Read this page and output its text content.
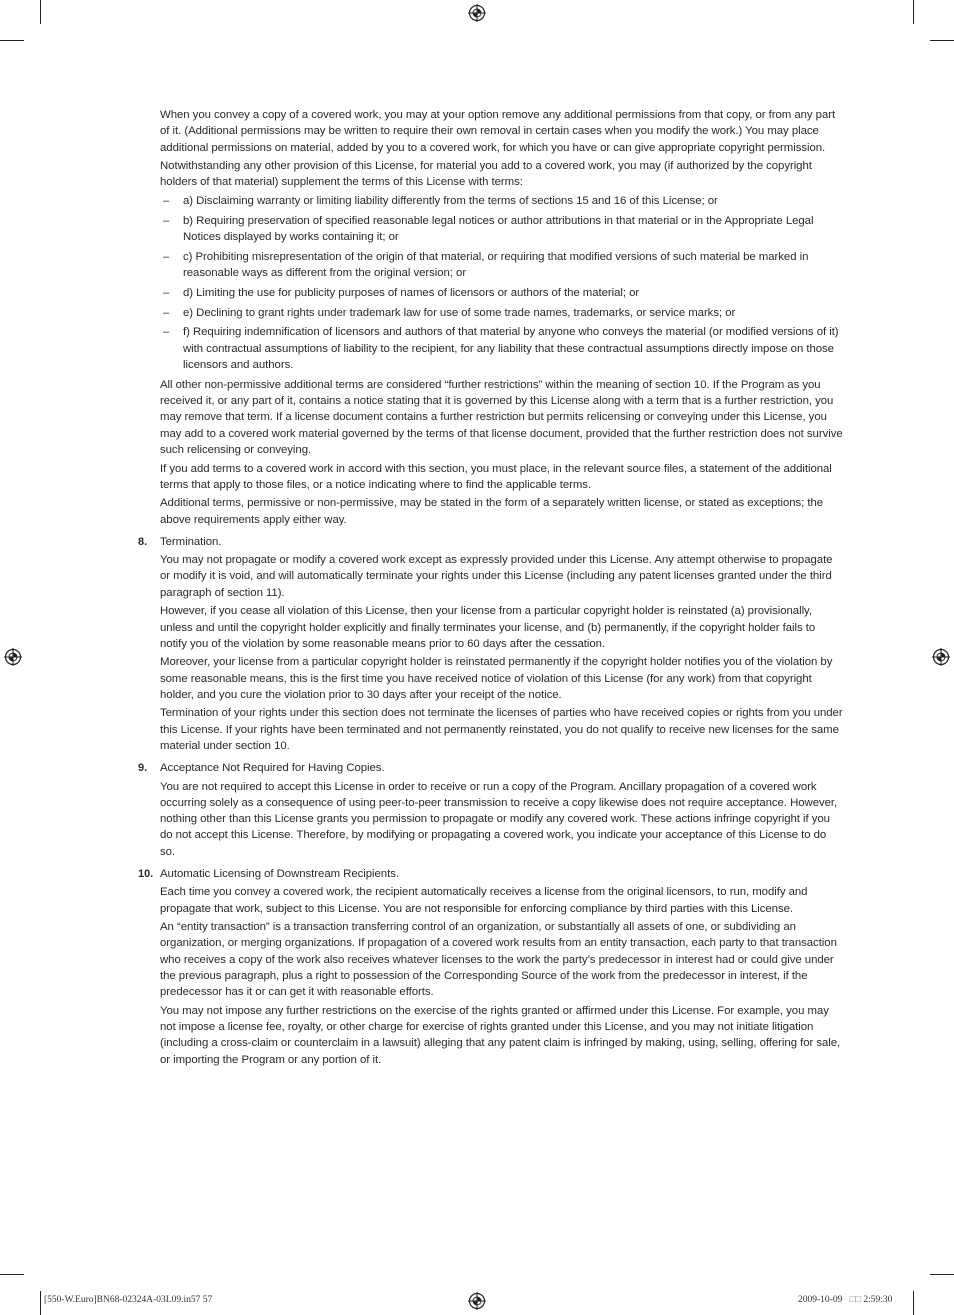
When you convey a copy of a covered work, you may at your option remove any additional permissions from that copy, or from any part of it. (Additional permissions may be written to require their own removal in certain cases when you modify the work.) You may place additional permissions on material, added by you to a covered work, for which you have or can give appropriate copyright permission.

Notwithstanding any other provision of this License, for material you add to a covered work, you may (if authorized by the copyright holders of that material) supplement the terms of this License with terms:

– a) Disclaiming warranty or limiting liability differently from the terms of sections 15 and 16 of this License; or
– b) Requiring preservation of specified reasonable legal notices or author attributions in that material or in the Appropriate Legal Notices displayed by works containing it; or
– c) Prohibiting misrepresentation of the origin of that material, or requiring that modified versions of such material be marked in reasonable ways as different from the original version; or
– d) Limiting the use for publicity purposes of names of licensors or authors of the material; or
– e) Declining to grant rights under trademark law for use of some trade names, trademarks, or service marks; or
– f) Requiring indemnification of licensors and authors of that material by anyone who conveys the material (or modified versions of it) with contractual assumptions of liability to the recipient, for any liability that these contractual assumptions directly impose on those licensors and authors.

All other non-permissive additional terms are considered “further restrictions” within the meaning of section 10. If the Program as you received it, or any part of it, contains a notice stating that it is governed by this License along with a term that is a further restriction, you may remove that term. If a license document contains a further restriction but permits relicensing or conveying under this License, you may add to a covered work material governed by the terms of that license document, provided that the further restriction does not survive such relicensing or conveying.

If you add terms to a covered work in accord with this section, you must place, in the relevant source files, a statement of the additional terms that apply to those files, or a notice indicating where to find the applicable terms.

Additional terms, permissive or non-permissive, may be stated in the form of a separately written license, or stated as exceptions; the above requirements apply either way.

8. Termination.

You may not propagate or modify a covered work except as expressly provided under this License. Any attempt otherwise to propagate or modify it is void, and will automatically terminate your rights under this License (including any patent licenses granted under the third paragraph of section 11).

However, if you cease all violation of this License, then your license from a particular copyright holder is reinstated (a) provisionally, unless and until the copyright holder explicitly and finally terminates your license, and (b) permanently, if the copyright holder fails to notify you of the violation by some reasonable means prior to 60 days after the cessation.

Moreover, your license from a particular copyright holder is reinstated permanently if the copyright holder notifies you of the violation by some reasonable means, this is the first time you have received notice of violation of this License (for any work) from that copyright holder, and you cure the violation prior to 30 days after your receipt of the notice.

Termination of your rights under this section does not terminate the licenses of parties who have received copies or rights from you under this License. If your rights have been terminated and not permanently reinstated, you do not qualify to receive new licenses for the same material under section 10.

9. Acceptance Not Required for Having Copies.

You are not required to accept this License in order to receive or run a copy of the Program. Ancillary propagation of a covered work occurring solely as a consequence of using peer-to-peer transmission to receive a copy likewise does not require acceptance. However, nothing other than this License grants you permission to propagate or modify any covered work. These actions infringe copyright if you do not accept this License. Therefore, by modifying or propagating a covered work, you indicate your acceptance of this License to do so.

10. Automatic Licensing of Downstream Recipients.

Each time you convey a covered work, the recipient automatically receives a license from the original licensors, to run, modify and propagate that work, subject to this License. You are not responsible for enforcing compliance by third parties with this License.

An “entity transaction” is a transaction transferring control of an organization, or substantially all assets of one, or subdividing an organization, or merging organizations. If propagation of a covered work results from an entity transaction, each party to that transaction who receives a copy of the work also receives whatever licenses to the work the party’s predecessor in interest had or could give under the previous paragraph, plus a right to possession of the Corresponding Source of the work from the predecessor in interest, if the predecessor has it or can get it with reasonable efforts.

You may not impose any further restrictions on the exercise of the rights granted or affirmed under this License. For example, you may not impose a license fee, royalty, or other charge for exercise of rights granted under this License, and you may not initiate litigation (including a cross-claim or counterclaim in a lawsuit) alleging that any patent claim is infringed by making, using, selling, offering for sale, or importing the Program or any portion of it.

[550-W.Euro]BN68-02324A-03L09.in57 57	2009-10-09 □□ 2:59:30
